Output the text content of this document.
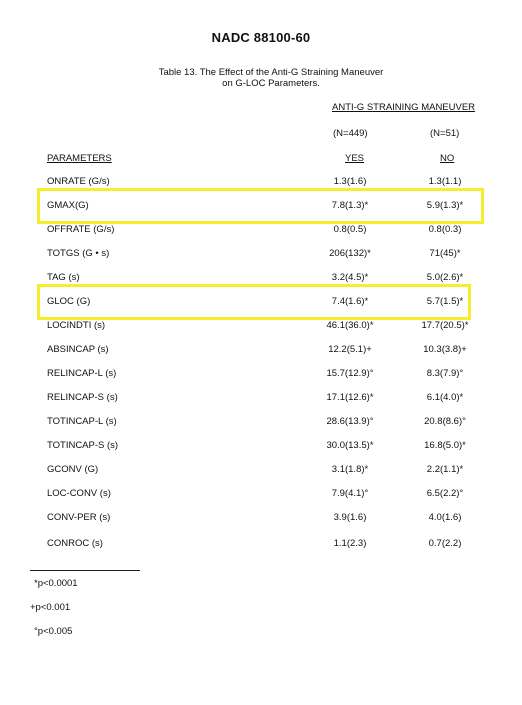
NADC 88100-60
Table 13. The Effect of the Anti-G Straining Maneuver
on G-LOC Parameters.
ANTI-G STRAINING MANEUVER
(N=449)	(N=51)
PARAMETERS	YES	NO
ONRATE (G/s)	1.3(1.6)	1.3(1.1)
GMAX(G)	7.8(1.3)*	5.9(1.3)*
OFFRATE (G/s)	0.8(0.5)	0.8(0.3)
TOTGS (G • s)	206(132)*	71(45)*
TAG (s)	3.2(4.5)*	5.0(2.6)*
GLOC (G)	7.4(1.6)*	5.7(1.5)*
LOCINDTI (s)	46.1(36.0)*	17.7(20.5)*
ABSINCAP (s)	12.2(5.1)+	10.3(3.8)+
RELINCAP-L (s)	15.7(12.9)°	8.3(7.9)°
RELINCAP-S (s)	17.1(12.6)*	6.1(4.0)*
TOTINCAP-L (s)	28.6(13.9)°	20.8(8.6)°
TOTINCAP-S (s)	30.0(13.5)*	16.8(5.0)*
GCONV (G)	3.1(1.8)*	2.2(1.1)*
LOC-CONV (s)	7.9(4.1)°	6.5(2.2)°
CONV-PER (s)	3.9(1.6)	4.0(1.6)
CONROC (s)	1.1(2.3)	0.7(2.2)
*p<0.0001
+p<0.001
°p<0.005
